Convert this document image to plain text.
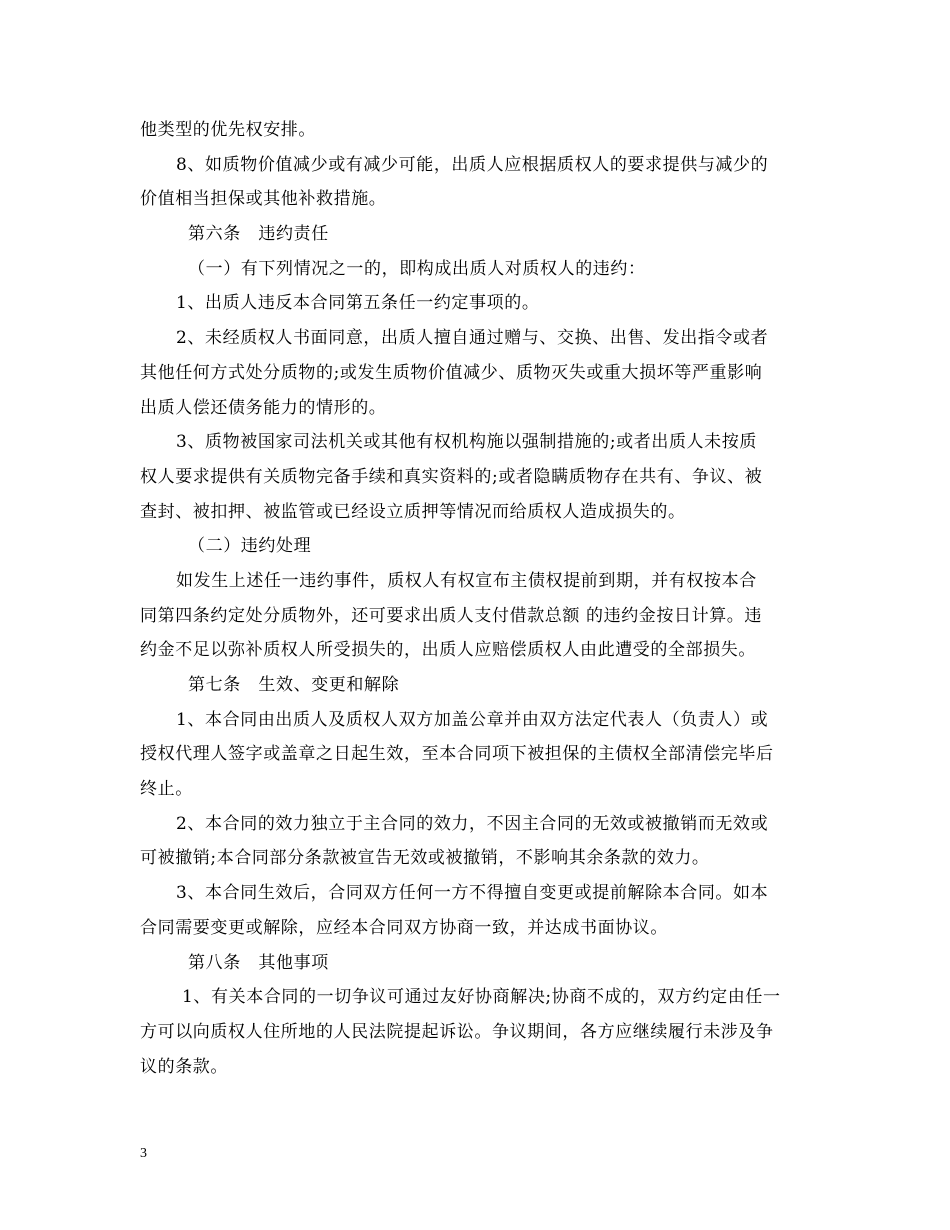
他类型的优先权安排。
8、如质物价值减少或有减少可能，出质人应根据质权人的要求提供与减少的
价值相当担保或其他补救措施。
第六条　违约责任
（一）有下列情况之一的，即构成出质人对质权人的违约：
1、出质人违反本合同第五条任一约定事项的。
2、未经质权人书面同意，出质人擅自通过赠与、交换、出售、发出指令或者
其他任何方式处分质物的;或发生质物价值减少、质物灭失或重大损坏等严重影响
出质人偿还债务能力的情形的。
3、质物被国家司法机关或其他有权机构施以强制措施的;或者出质人未按质
权人要求提供有关质物完备手续和真实资料的;或者隐瞒质物存在共有、争议、被
查封、被扣押、被监管或已经设立质押等情况而给质权人造成损失的。
（二）违约处理
如发生上述任一违约事件，质权人有权宣布主债权提前到期，并有权按本合
同第四条约定处分质物外，还可要求出质人支付借款总额 的违约金按日计算。违
约金不足以弥补质权人所受损失的，出质人应赔偿质权人由此遭受的全部损失。
第七条　生效、变更和解除
1、本合同由出质人及质权人双方加盖公章并由双方法定代表人（负责人）或
授权代理人签字或盖章之日起生效，至本合同项下被担保的主债权全部清偿完毕后
终止。
2、本合同的效力独立于主合同的效力，不因主合同的无效或被撤销而无效或
可被撤销;本合同部分条款被宣告无效或被撤销，不影响其余条款的效力。
3、本合同生效后，合同双方任何一方不得擅自变更或提前解除本合同。如本
合同需要变更或解除，应经本合同双方协商一致，并达成书面协议。
第八条　其他事项
1、有关本合同的一切争议可通过友好协商解决;协商不成的，双方约定由任一
方可以向质权人住所地的人民法院提起诉讼。争议期间，各方应继续履行未涉及争
议的条款。
3
